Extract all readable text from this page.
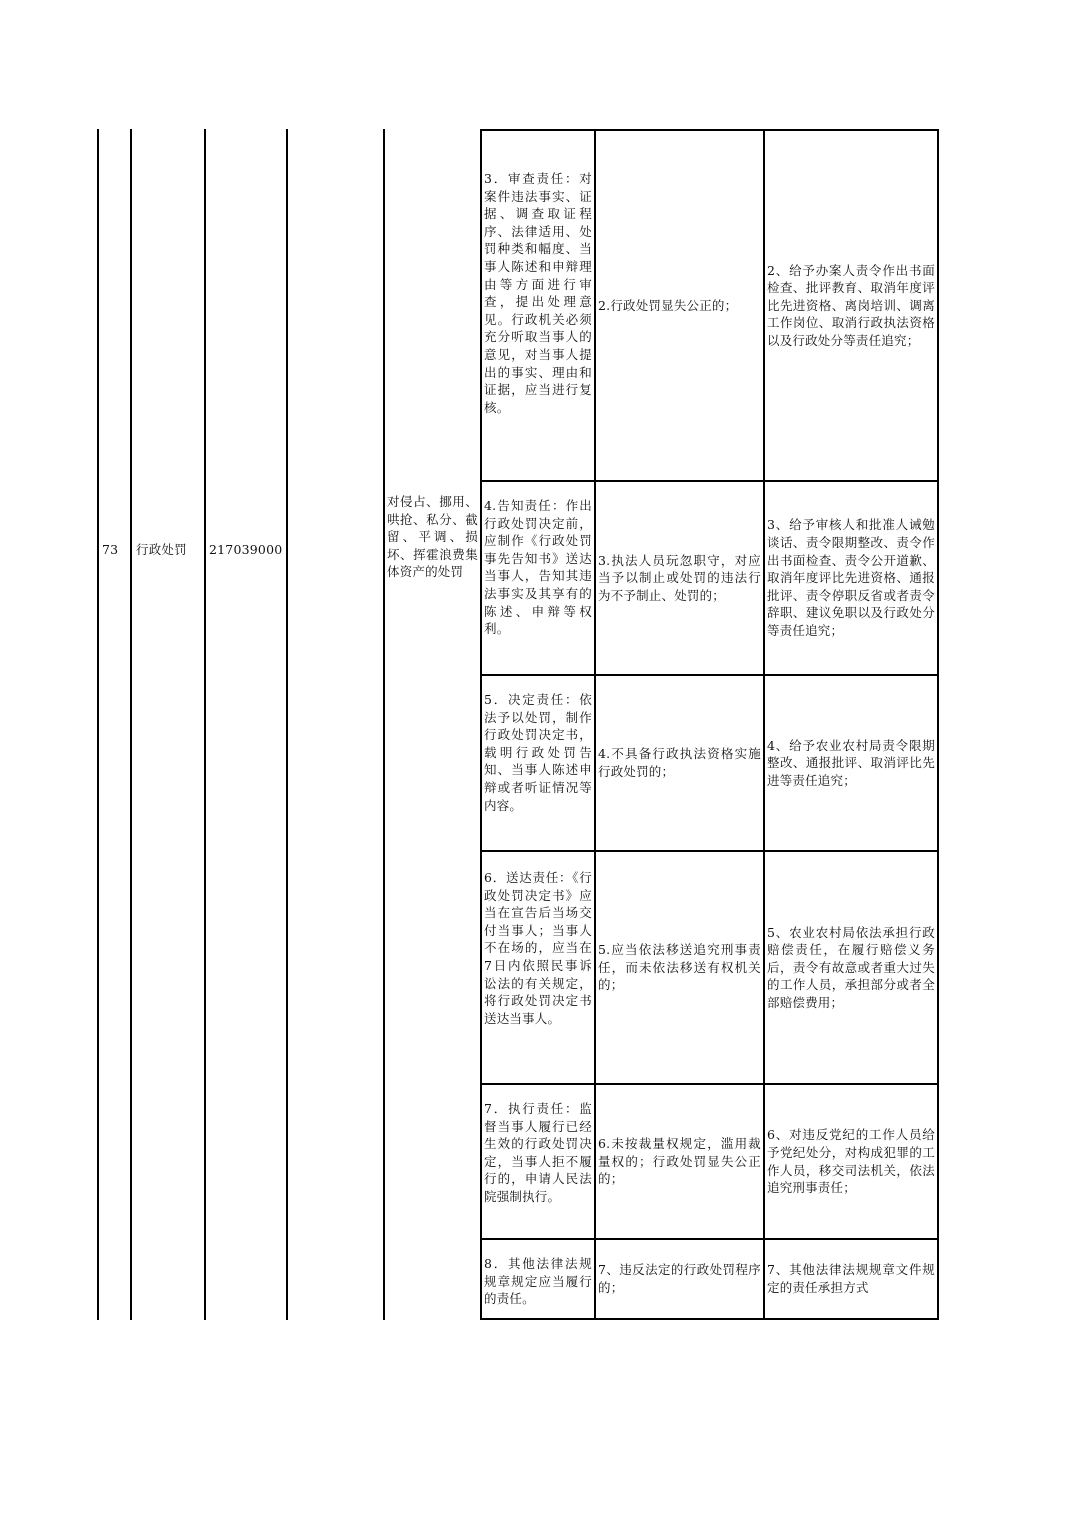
73	行政处罚	217039000
对侵占、挪用、哄抢、私分、截留、平调、损坏、挥霍浪费集体资产的处罚
3．审查责任：对案件违法事实、证据、调查取证程序、法律适用、处罚种类和幅度、当事人陈述和申辩理由等方面进行审查，提出处理意见。行政机关必须充分听取当事人的意见，对当事人提出的事实、理由和证据，应当进行复核。
2.行政处罚显失公正的；
2、给予办案人责令作出书面检查、批评教育、取消年度评比先进资格、离岗培训、调离工作岗位、取消行政执法资格以及行政处分等责任追究；
4.告知责任：作出行政处罚决定前，应制作《行政处罚事先告知书》送达当事人，告知其违法事实及其享有的陈述、申辩等权利。
3.执法人员玩忽职守，对应当予以制止或处罚的违法行为不予制止、处罚的；
3、给予审核人和批准人诫勉谈话、责令限期整改、责令作出书面检查、责令公开道歉、取消年度评比先进资格、通报批评、责令停职反省或者责令辞职、建议免职以及行政处分等责任追究；
5．决定责任：依法予以处罚，制作行政处罚决定书，载明行政处罚告知、当事人陈述申辩或者听证情况等内容。
4.不具备行政执法资格实施行政处罚的；
4、给予农业农村局责令限期整改、通报批评、取消评比先进等责任追究；
6．送达责任：《行政处罚决定书》应当在宣告后当场交付当事人；当事人不在场的，应当在7日内依照民事诉讼法的有关规定，将行政处罚决定书送达当事人。
5.应当依法移送追究刑事责任，而未依法移送有权机关的；
5、农业农村局依法承担行政赔偿责任，在履行赔偿义务后，责令有故意或者重大过失的工作人员，承担部分或者全部赔偿费用；
7．执行责任：监督当事人履行已经生效的行政处罚决定，当事人拒不履行的，申请人民法院强制执行。
6.未按裁量权规定，滥用裁量权的；行政处罚显失公正的；
6、对违反党纪的工作人员给予党纪处分，对构成犯罪的工作人员，移交司法机关，依法追究刑事责任；
8．其他法律法规规章规定应当履行的责任。
7、违反法定的行政处罚程序的；
7、其他法律法规规章文件规定的责任承担方式
